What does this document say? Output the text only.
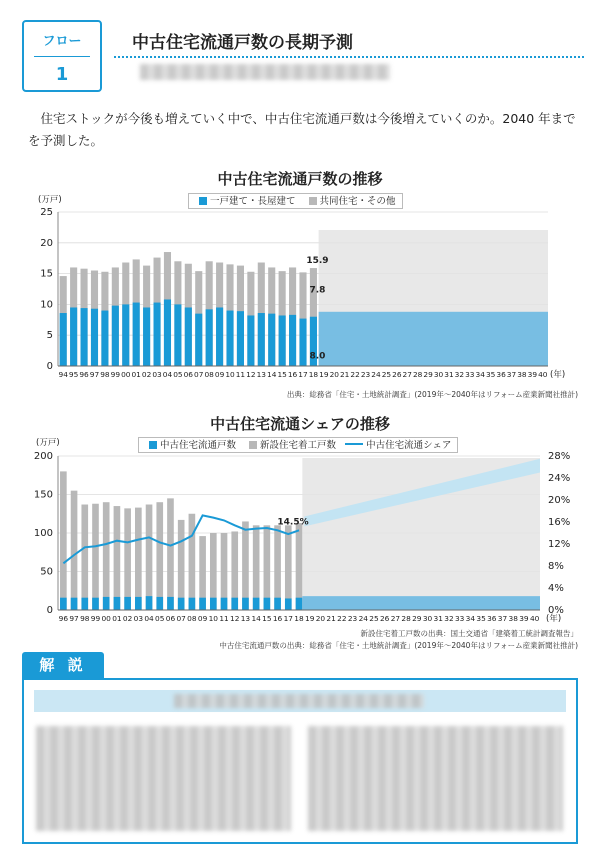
フロー
1
中古住宅流通戸数の長期予測
住宅ストックが今後も増えていく中で、中古住宅流通戸数は今後増えていくのか。2040 年までを予測した。
中古住宅流通戸数の推移
一戸建て・長屋建て	共同住宅・その他
中古住宅流通シェアの推移
中古住宅流通戸数	新設住宅着工戸数	中古住宅流通シェア
0
5
10
15
20
25
(万戸)
94 95 96 97 98 99 00 01 02 03 04 05 06 07 08 09 10 11 12 13 14 15 16 17 18 19 20 21 22 23 24 25 26 27 28 29 30 31 32 33 34 35 36 37 38 39 40 (年)
15.9
7.8
8.0
0
50
100
150
200
0%
4%
8%
12%
16%
20%
24%
28%
(万戸)
96 97 98 99 00 01 02 03 04 05 06 07 08 09 10 11 12 13 14 15 16 17 18 19 20 21 22 23 24 25 26 27 28 29 30 31 32 33 34 35 36 37 38 39 40 (年)
14.5%
出典：総務省「住宅・土地統計調査」(2019年～2040年はリフォーム産業新聞社推計)
新設住宅着工戸数の出典：国土交通省「建築着工統計調査報告」
中古住宅流通戸数の出典：総務省「住宅・土地統計調査」(2019年～2040年はリフォーム産業新聞社推計)
解 説
